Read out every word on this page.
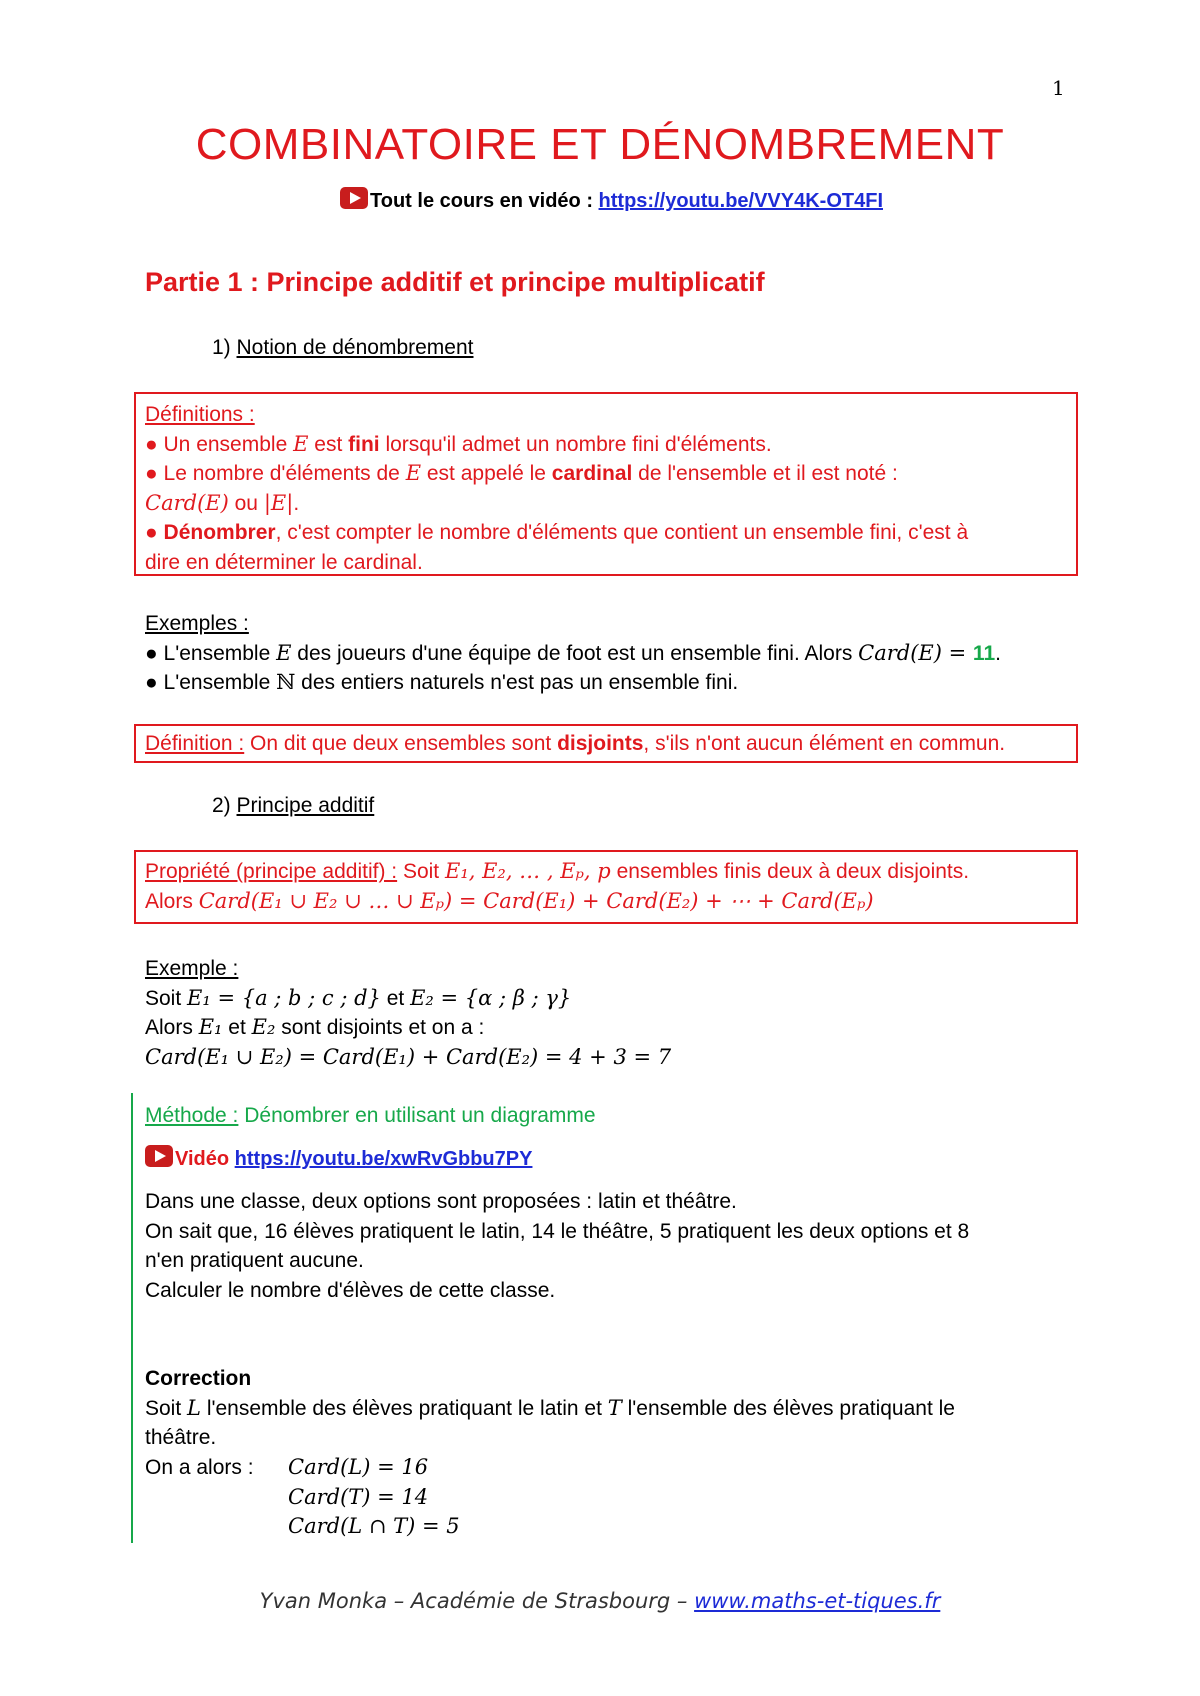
1
COMBINATOIRE ET DÉNOMBREMENT
Tout le cours en vidéo : https://youtu.be/VVY4K-OT4FI
Partie 1 : Principe additif et principe multiplicatif
1) Notion de dénombrement
Définitions :
● Un ensemble E est fini lorsqu'il admet un nombre fini d'éléments.
● Le nombre d'éléments de E est appelé le cardinal de l'ensemble et il est noté :
Card(E) ou |E|.
● Dénombrer, c'est compter le nombre d'éléments que contient un ensemble fini, c'est à
dire en déterminer le cardinal.
Exemples :
● L'ensemble E des joueurs d'une équipe de foot est un ensemble fini. Alors Card(E) = 11.
● L'ensemble ℕ des entiers naturels n'est pas un ensemble fini.
Définition : On dit que deux ensembles sont disjoints, s'ils n'ont aucun élément en commun.
2) Principe additif
Propriété (principe additif) : Soit E₁, E₂, … , Eₚ, p ensembles finis deux à deux disjoints.
Alors Card(E₁ ∪ E₂ ∪ … ∪ Eₚ) = Card(E₁) + Card(E₂) + ⋯ + Card(Eₚ)
Exemple :
Soit E₁ = {a ; b ; c ; d} et E₂ = {α ; β ; γ}
Alors E₁ et E₂ sont disjoints et on a :
Card(E₁ ∪ E₂) = Card(E₁) + Card(E₂) = 4 + 3 = 7
Méthode : Dénombrer en utilisant un diagramme
Vidéo https://youtu.be/xwRvGbbu7PY
Dans une classe, deux options sont proposées : latin et théâtre.
On sait que, 16 élèves pratiquent le latin, 14 le théâtre, 5 pratiquent les deux options et 8
n'en pratiquent aucune.
Calculer le nombre d'élèves de cette classe.
Correction
Soit L l'ensemble des élèves pratiquant le latin et T l'ensemble des élèves pratiquant le
théâtre.
On a alors : Card(L) = 16
Card(T) = 14
Card(L ∩ T) = 5
Yvan Monka – Académie de Strasbourg – www.maths-et-tiques.fr
